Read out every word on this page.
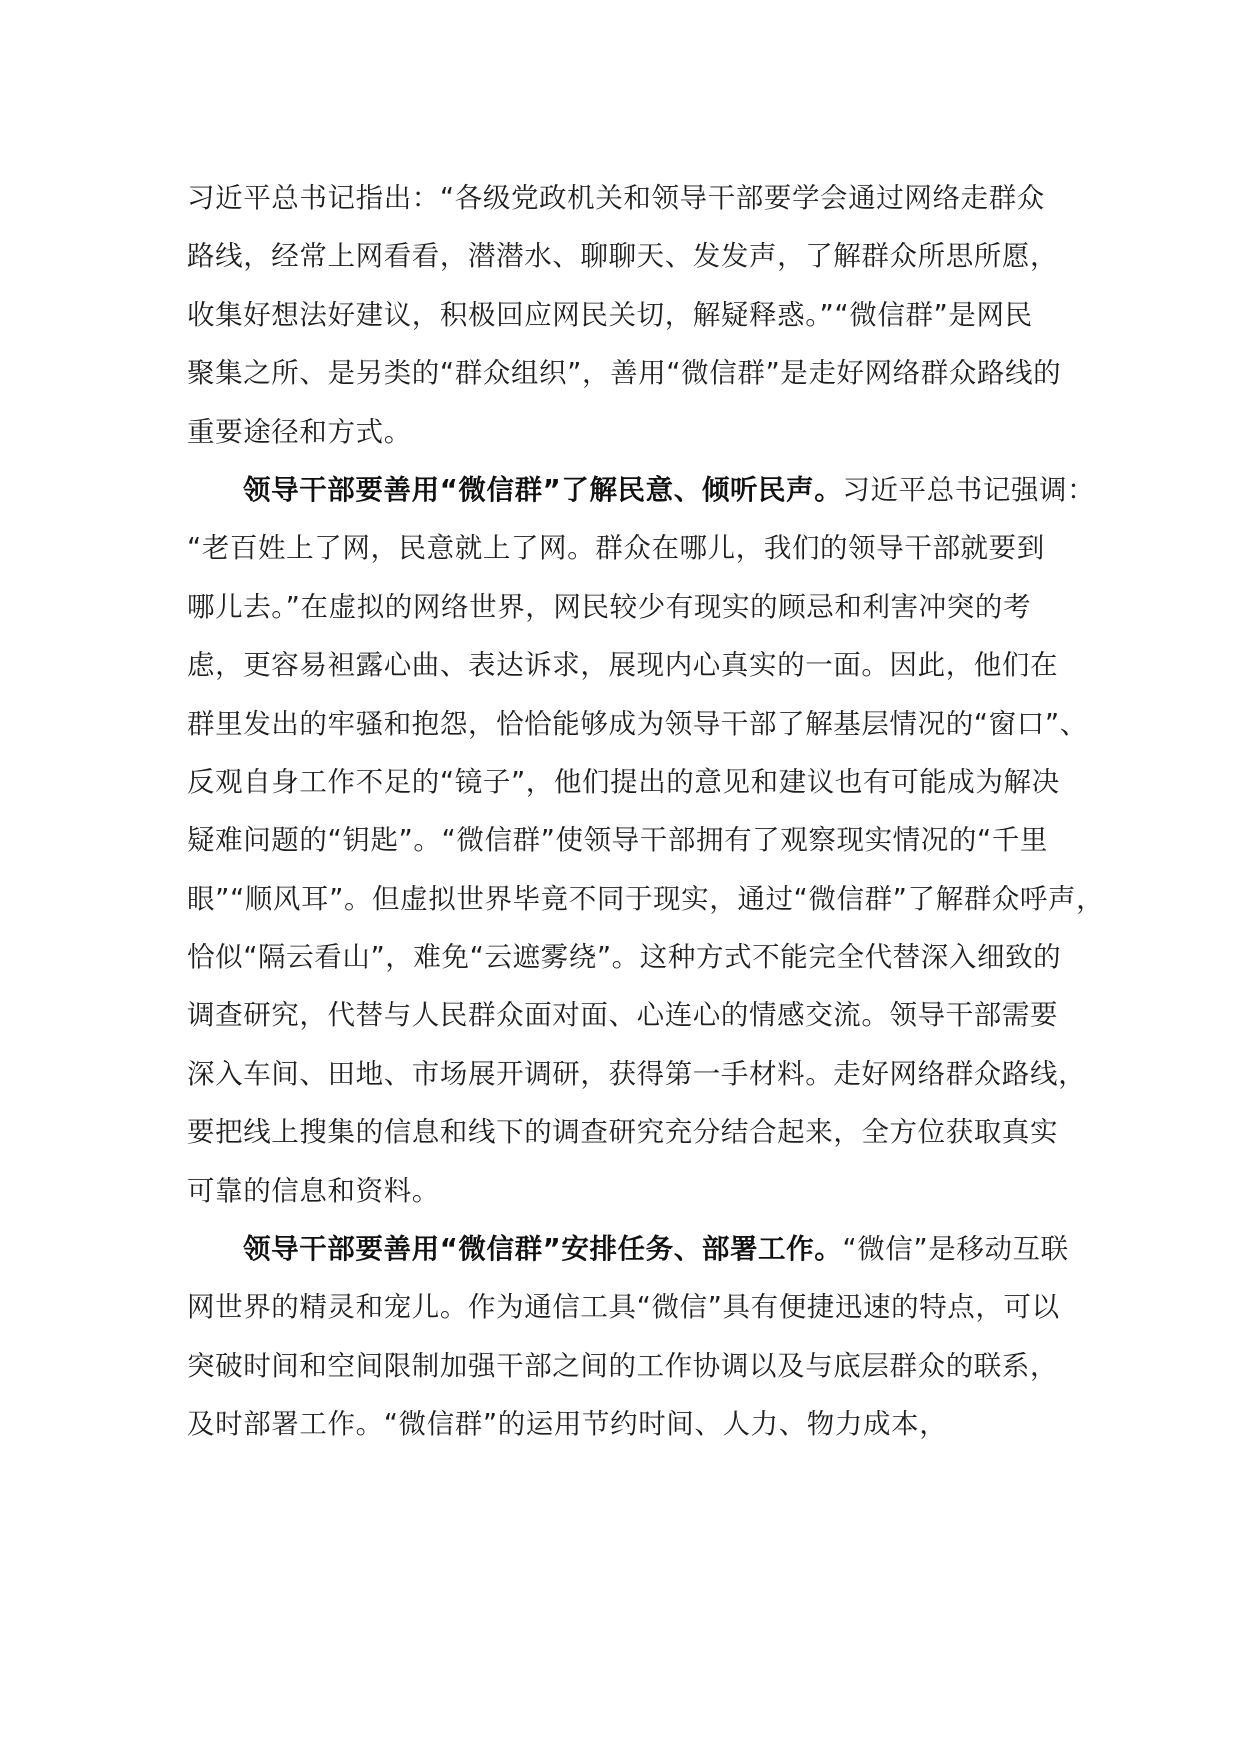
习近平总书记指出：“各级党政机关和领导干部要学会通过网络走群众
路线，经常上网看看，潜潜水、聊聊天、发发声，了解群众所思所愿，
收集好想法好建议，积极回应网民关切，解疑释惑。”“微信群”是网民
聚集之所、是另类的“群众组织”，善用“微信群”是走好网络群众路线的
重要途径和方式。
领导干部要善用“微信群”了解民意、倾听民声。习近平总书记强调：
“老百姓上了网，民意就上了网。群众在哪儿，我们的领导干部就要到
哪儿去。”在虚拟的网络世界，网民较少有现实的顾忌和利害冲突的考
虑，更容易袒露心曲、表达诉求，展现内心真实的一面。因此，他们在
群里发出的牢骚和抱怨，恰恰能够成为领导干部了解基层情况的“窗口”、
反观自身工作不足的“镜子”，他们提出的意见和建议也有可能成为解决
疑难问题的“钥匙”。“微信群”使领导干部拥有了观察现实情况的“千里
眼”“顺风耳”。但虚拟世界毕竟不同于现实，通过“微信群”了解群众呼声，
恰似“隔云看山”，难免“云遮雾绕”。这种方式不能完全代替深入细致的
调查研究，代替与人民群众面对面、心连心的情感交流。领导干部需要
深入车间、田地、市场展开调研，获得第一手材料。走好网络群众路线，
要把线上搜集的信息和线下的调查研究充分结合起来，全方位获取真实
可靠的信息和资料。
领导干部要善用“微信群”安排任务、部署工作。“微信”是移动互联
网世界的精灵和宠儿。作为通信工具“微信”具有便捷迅速的特点，可以
突破时间和空间限制加强干部之间的工作协调以及与底层群众的联系，
及时部署工作。“微信群”的运用节约时间、人力、物力成本，
